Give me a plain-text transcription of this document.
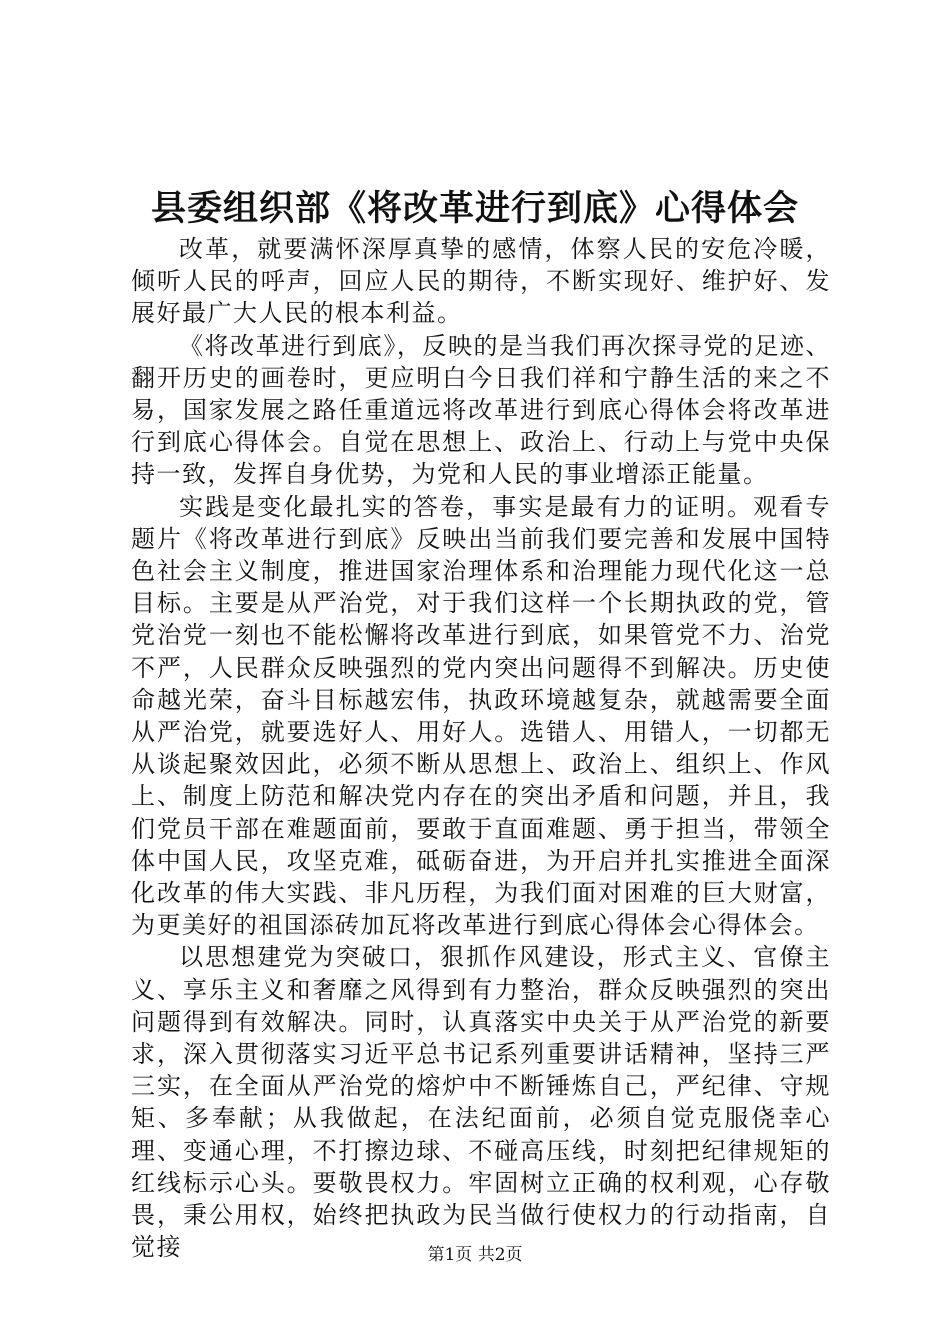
县委组织部《将改革进行到底》心得体会

改革，就要满怀深厚真挚的感情，体察人民的安危冷暖，倾听人民的呼声，回应人民的期待，不断实现好、维护好、发展好最广大人民的根本利益。

《将改革进行到底》，反映的是当我们再次探寻党的足迹、翻开历史的画卷时，更应明白今日我们祥和宁静生活的来之不易，国家发展之路任重道远将改革进行到底心得体会将改革进行到底心得体会。自觉在思想上、政治上、行动上与党中央保持一致，发挥自身优势，为党和人民的事业增添正能量。

实践是变化最扎实的答卷，事实是最有力的证明。观看专题片《将改革进行到底》反映出当前我们要完善和发展中国特色社会主义制度，推进国家治理体系和治理能力现代化这一总目标。主要是从严治党，对于我们这样一个长期执政的党，管党治党一刻也不能松懈将改革进行到底，如果管党不力、治党不严，人民群众反映强烈的党内突出问题得不到解决。历史使命越光荣，奋斗目标越宏伟，执政环境越复杂，就越需要全面从严治党，就要选好人、用好人。选错人、用错人，一切都无从谈起聚效因此，必须不断从思想上、政治上、组织上、作风上、制度上防范和解决党内存在的突出矛盾和问题，并且，我们党员干部在难题面前，要敢于直面难题、勇于担当，带领全体中国人民，攻坚克难，砥砺奋进，为开启并扎实推进全面深化改革的伟大实践、非凡历程，为我们面对困难的巨大财富，为更美好的祖国添砖加瓦将改革进行到底心得体会心得体会。

以思想建党为突破口，狠抓作风建设，形式主义、官僚主义、享乐主义和奢靡之风得到有力整治，群众反映强烈的突出问题得到有效解决。同时，认真落实中央关于从严治党的新要求，深入贯彻落实习近平总书记系列重要讲话精神，坚持三严三实，在全面从严治党的熔炉中不断锤炼自己，严纪律、守规矩、多奉献；从我做起，在法纪面前，必须自觉克服侥幸心理、变通心理，不打擦边球、不碰高压线，时刻把纪律规矩的红线标示心头。要敬畏权力。牢固树立正确的权利观，心存敬畏，秉公用权，始终把执政为民当做行使权力的行动指南，自觉接	第1页 共2页
